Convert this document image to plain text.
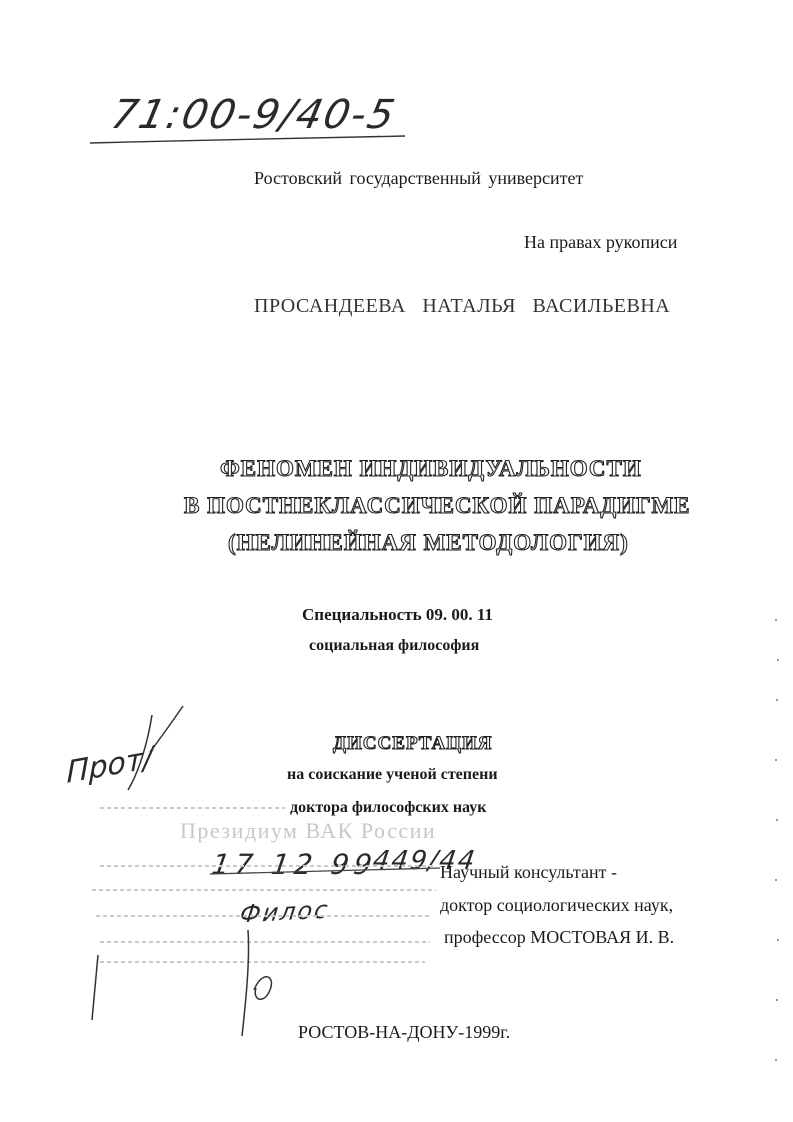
71:00-9/40-5
Ростовский государственный университет
На правах рукописи
ПРОСАНДЕЕВА   НАТАЛЬЯ   ВАСИЛЬЕВНА
ФЕНОМЕН ИНДИВИДУАЛЬНОСТИ
В ПОСТНЕКЛАССИЧЕСКОЙ ПАРАДИГМЕ
(НЕЛИНЕЙНАЯ МЕТОДОЛОГИЯ)
Специальность 09. 00. 11
социальная философия
ДИССЕРТАЦИЯ
на соискание ученой степени
доктора философских наук
Президиум ВАК России
17 12 99
449/44
Научный консультант -
доктор социологических наук,
профессор МОСТОВАЯ И. В.
Филос
Прот/
РОСТОВ-НА-ДОНУ-1999г.
